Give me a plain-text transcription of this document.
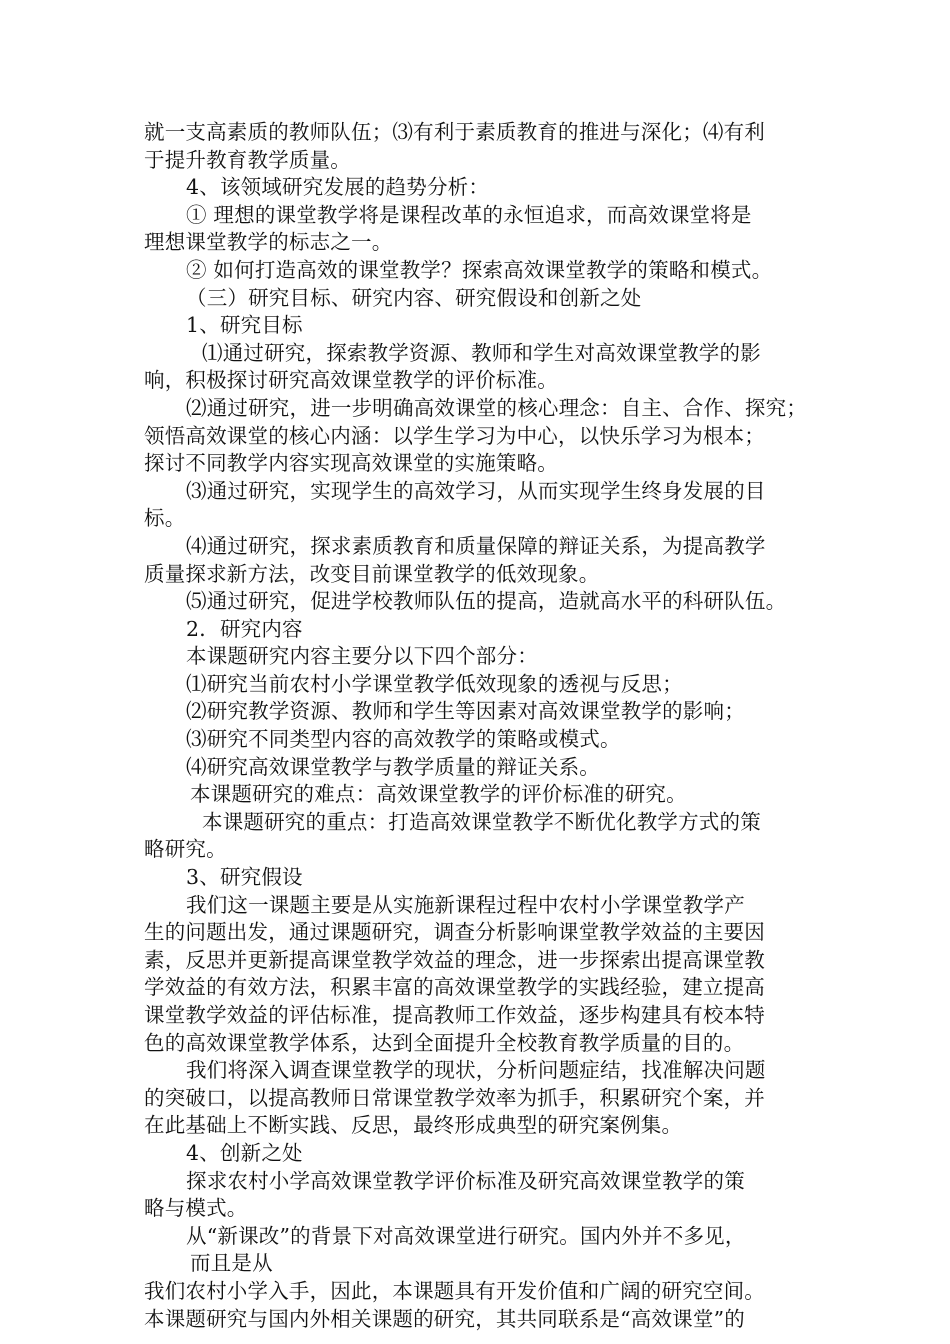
就一支高素质的教师队伍；⑶有利于素质教育的推进与深化；⑷有利
于提升教育教学质量。
4、该领域研究发展的趋势分析：
① 理想的课堂教学将是课程改革的永恒追求，而高效课堂将是
理想课堂教学的标志之一。
② 如何打造高效的课堂教学？探索高效课堂教学的策略和模式。
（三）研究目标、研究内容、研究假设和创新之处
1、研究目标
⑴通过研究，探索教学资源、教师和学生对高效课堂教学的影
响，积极探讨研究高效课堂教学的评价标准。
⑵通过研究，进一步明确高效课堂的核心理念：自主、合作、探究；
领悟高效课堂的核心内涵：以学生学习为中心，以快乐学习为根本；
探讨不同教学内容实现高效课堂的实施策略。
⑶通过研究，实现学生的高效学习，从而实现学生终身发展的目
标。
⑷通过研究，探求素质教育和质量保障的辩证关系，为提高教学
质量探求新方法，改变目前课堂教学的低效现象。
⑸通过研究，促进学校教师队伍的提高，造就高水平的科研队伍。
2．研究内容
本课题研究内容主要分以下四个部分：
⑴研究当前农村小学课堂教学低效现象的透视与反思；
⑵研究教学资源、教师和学生等因素对高效课堂教学的影响；
⑶研究不同类型内容的高效教学的策略或模式。
⑷研究高效课堂教学与教学质量的辩证关系。
本课题研究的难点：高效课堂教学的评价标准的研究。
本课题研究的重点：打造高效课堂教学不断优化教学方式的策
略研究。
3、研究假设
我们这一课题主要是从实施新课程过程中农村小学课堂教学产
生的问题出发，通过课题研究，调查分析影响课堂教学效益的主要因
素，反思并更新提高课堂教学效益的理念，进一步探索出提高课堂教
学效益的有效方法，积累丰富的高效课堂教学的实践经验，建立提高
课堂教学效益的评估标准，提高教师工作效益，逐步构建具有校本特
色的高效课堂教学体系，达到全面提升全校教育教学质量的目的。
我们将深入调查课堂教学的现状，分析问题症结，找准解决问题
的突破口，以提高教师日常课堂教学效率为抓手，积累研究个案，并
在此基础上不断实践、反思，最终形成典型的研究案例集。
4、创新之处
探求农村小学高效课堂教学评价标准及研究高效课堂教学的策
略与模式。
从“新课改”的背景下对高效课堂进行研究。国内外并不多见，
而且是从
我们农村小学入手，因此，本课题具有开发价值和广阔的研究空间。
本课题研究与国内外相关课题的研究，其共同联系是“高效课堂”的
